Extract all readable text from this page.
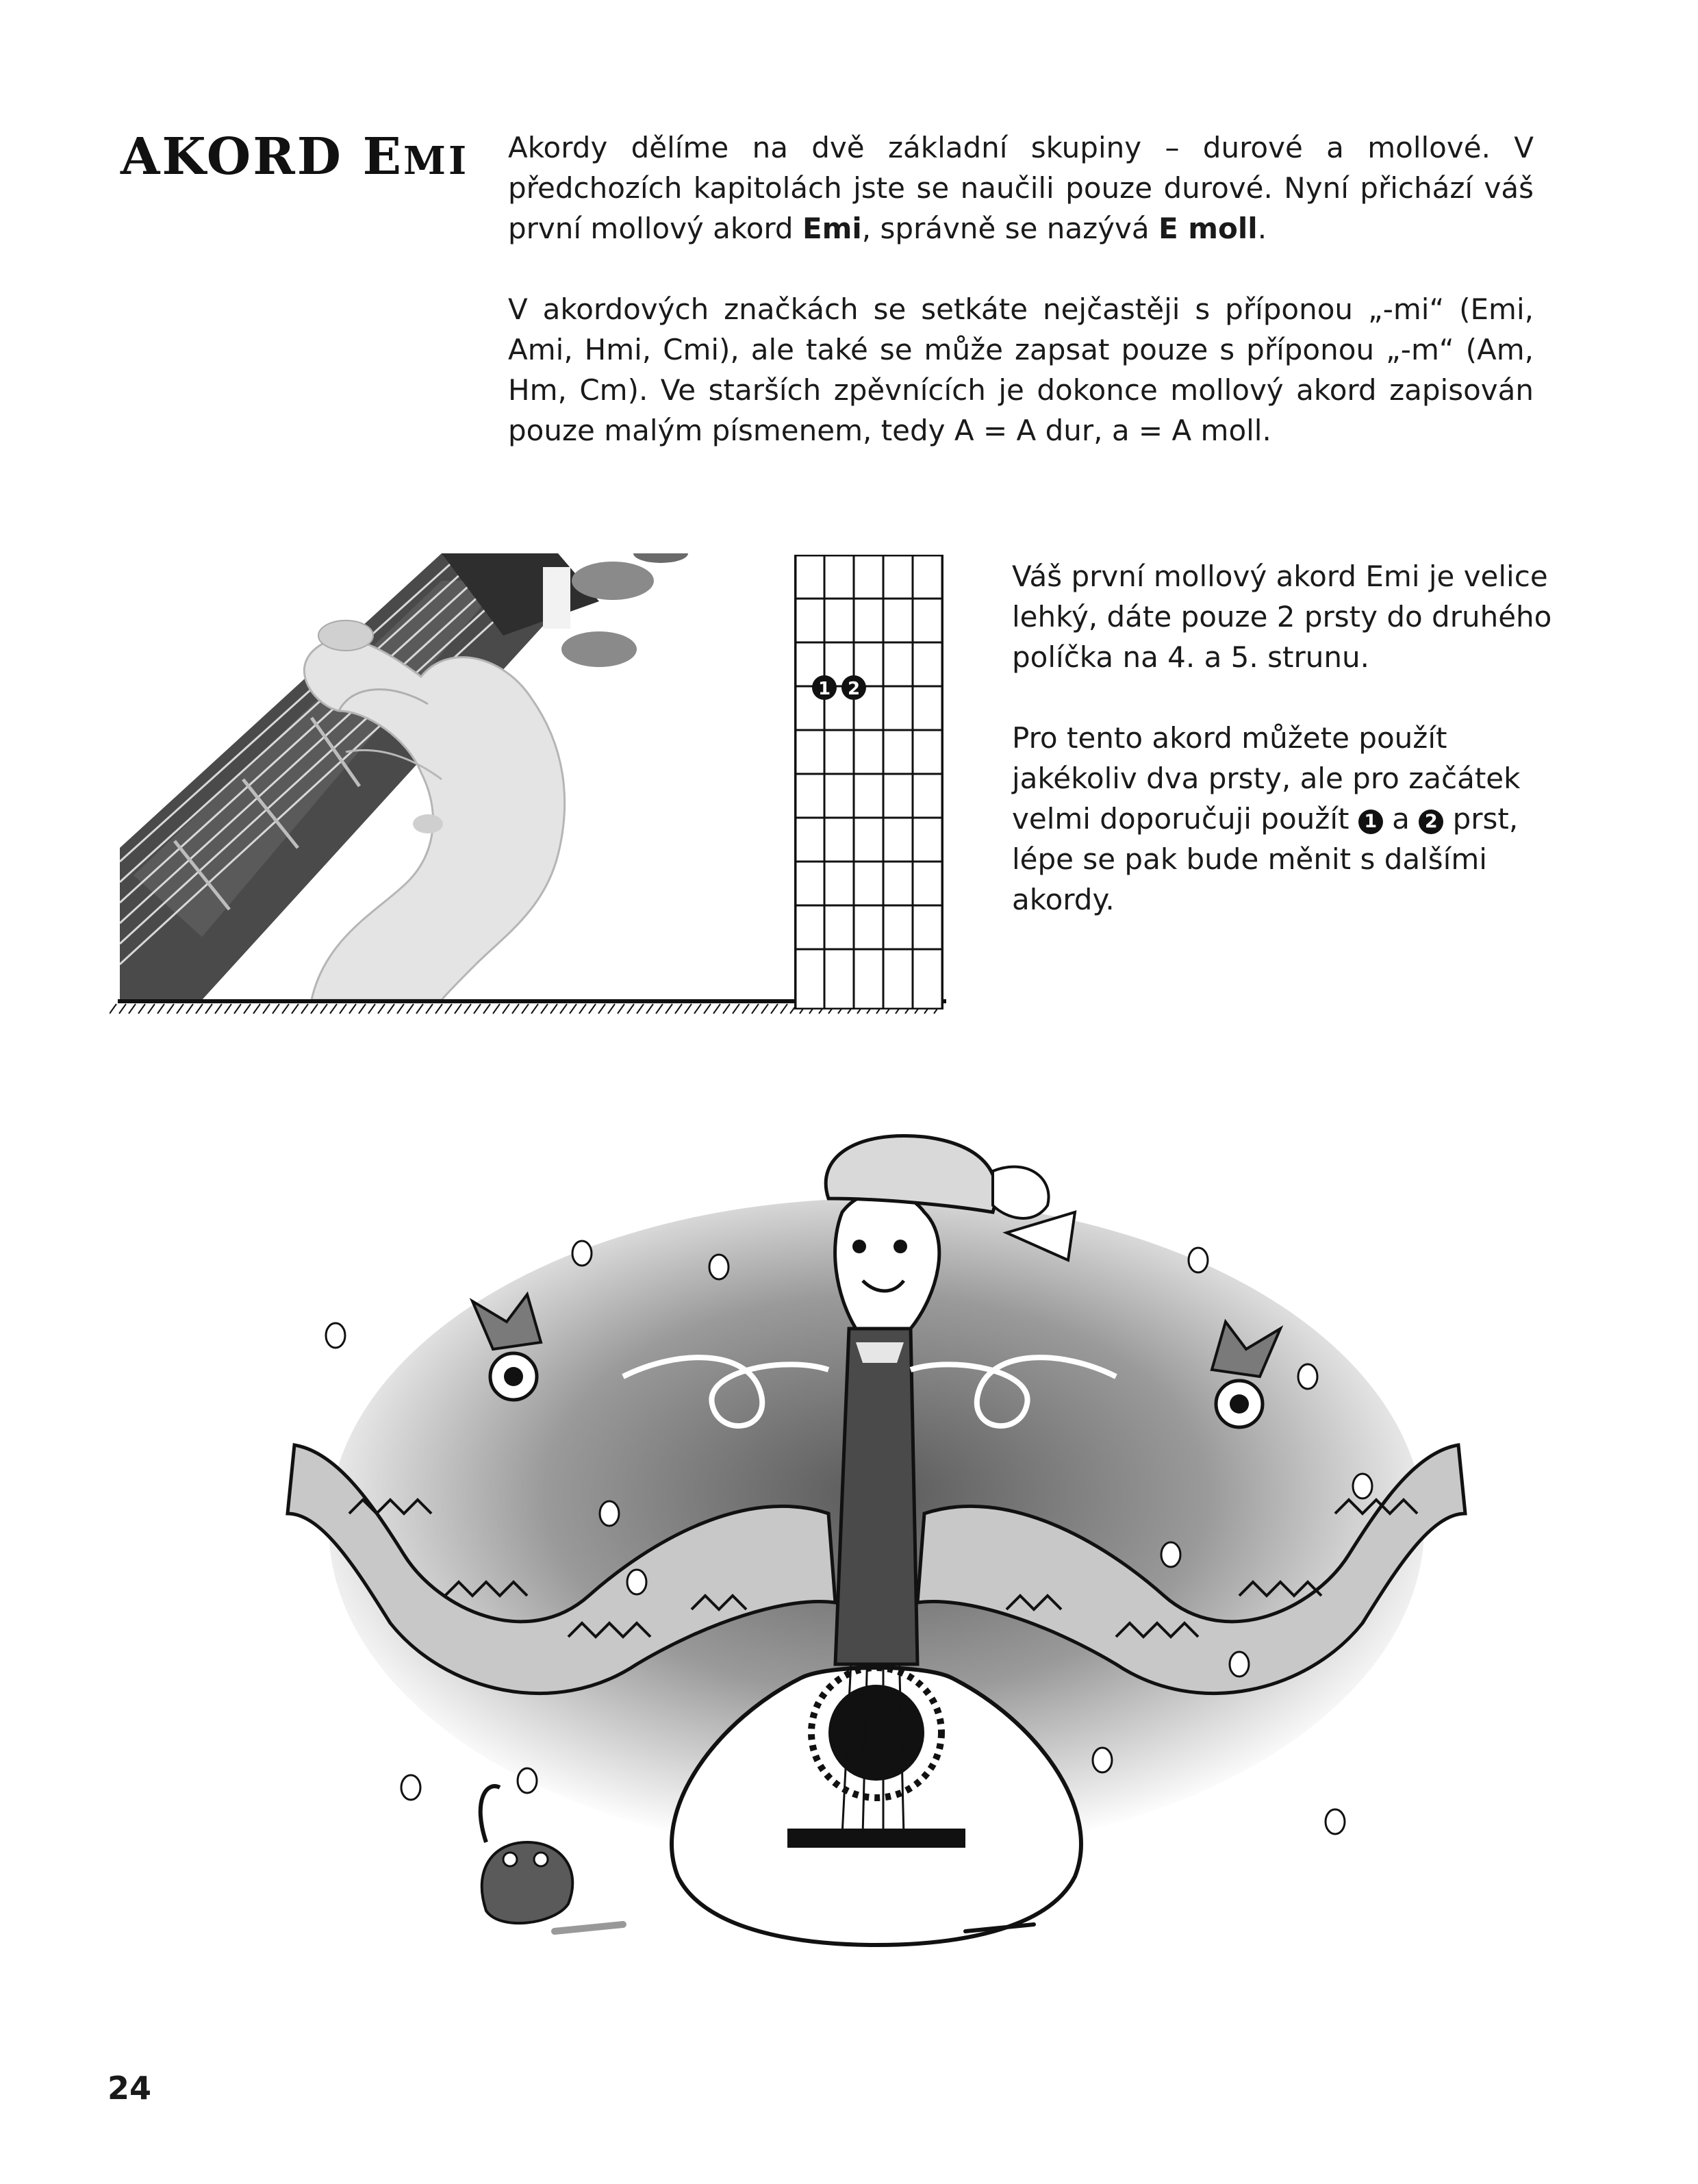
AKORD EMI Akordy dělíme na dvě základní skupiny – durové a mollové. V předchozích kapitolách jste se naučili pouze durové. Nyní přichází váš první mollový akord Emi, správně se nazývá E moll.

V akordových značkách se setkáte nejčastěji s příponou „-mi“ (Emi, Ami, Hmi, Cmi), ale také se může zapsat pouze s příponou „-m“ (Am, Hm, Cm). Ve starších zpěvnících je dokonce mollový akord zapisován pouze malým písmenem, tedy A = A dur, a = A moll.

1 2

Váš první mollový akord Emi je velice lehký, dáte pouze 2 prsty do druhého políčka na 4. a 5. strunu.

Pro tento akord můžete použít jakékoliv dva prsty, ale pro začátek velmi doporučuji použít 1 a 2 prst, lépe se pak bude měnit s dalšími akordy.

24
